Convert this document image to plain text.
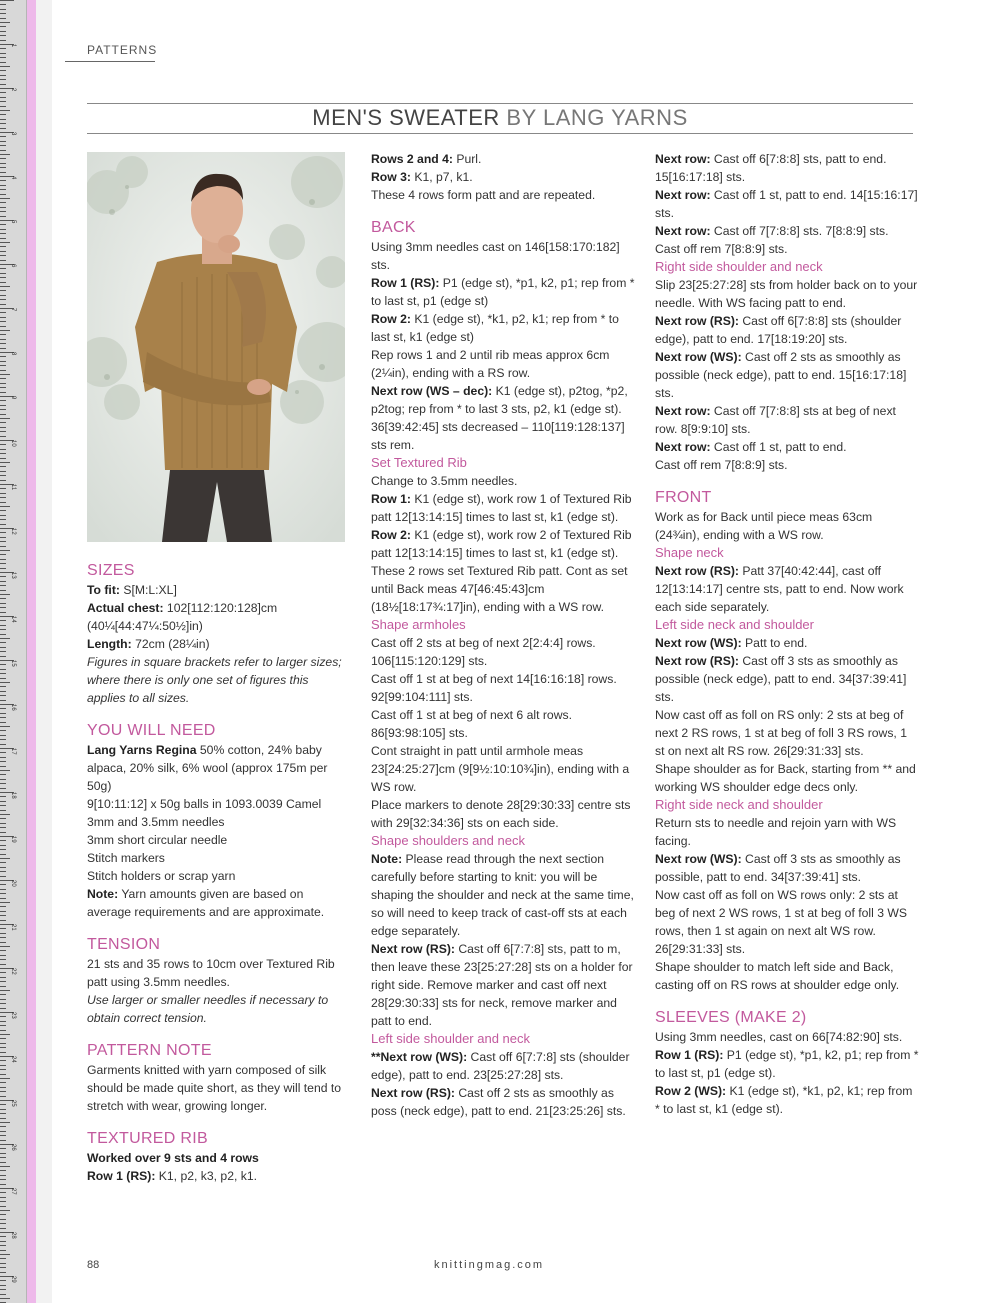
1
2
3
4
5
6
7
8
9
10
11
12
13
14
15
16
17
18
19
20
21
22
23
24
25
26
27
28
29
PATTERNS
MEN'S SWEATER BY LANG YARNS
SIZES
To fit: S[M:L:XL]
Actual chest: 102[112:120:128]cm (40¼[44:47¼:50½]in)
Length: 72cm (28¼in)
Figures in square brackets refer to larger sizes; where there is only one set of figures this applies to all sizes.
YOU WILL NEED
Lang Yarns Regina 50% cotton, 24% baby alpaca, 20% silk, 6% wool (approx 175m per 50g)
9[10:11:12] x 50g balls in 1093.0039 Camel
3mm and 3.5mm needles
3mm short circular needle
Stitch markers
Stitch holders or scrap yarn
Note: Yarn amounts given are based on average requirements and are approximate.
TENSION
21 sts and 35 rows to 10cm over Textured Rib patt using 3.5mm needles.
Use larger or smaller needles if necessary to obtain correct tension.
PATTERN NOTE
Garments knitted with yarn composed of silk should be made quite short, as they will tend to stretch with wear, growing longer.
TEXTURED RIB
Worked over 9 sts and 4 rows
Row 1 (RS): K1, p2, k3, p2, k1.
Rows 2 and 4: Purl.
Row 3: K1, p7, k1.
These 4 rows form patt and are repeated.
BACK
Using 3mm needles cast on 146[158:170:182] sts.
Row 1 (RS): P1 (edge st), *p1, k2, p1; rep from * to last st, p1 (edge st)
Row 2: K1 (edge st), *k1, p2, k1; rep from * to last st, k1 (edge st)
Rep rows 1 and 2 until rib meas approx 6cm (2¼in), ending with a RS row.
Next row (WS – dec): K1 (edge st), p2tog, *p2, p2tog; rep from * to last 3 sts, p2, k1 (edge st). 36[39:42:45] sts decreased – 110[119:128:137] sts rem.
Set Textured Rib
Change to 3.5mm needles.
Row 1: K1 (edge st), work row 1 of Textured Rib patt 12[13:14:15] times to last st, k1 (edge st).
Row 2: K1 (edge st), work row 2 of Textured Rib patt 12[13:14:15] times to last st, k1 (edge st).
These 2 rows set Textured Rib patt. Cont as set until Back meas 47[46:45:43]cm (18½[18:17¾:17]in), ending with a WS row.
Shape armholes
Cast off 2 sts at beg of next 2[2:4:4] rows. 106[115:120:129] sts.
Cast off 1 st at beg of next 14[16:16:18] rows. 92[99:104:111] sts.
Cast off 1 st at beg of next 6 alt rows. 86[93:98:105] sts.
Cont straight in patt until armhole meas 23[24:25:27]cm (9[9½:10:10¾]in), ending with a WS row.
Place markers to denote 28[29:30:33] centre sts with 29[32:34:36] sts on each side.
Shape shoulders and neck
Note: Please read through the next section carefully before starting to knit: you will be shaping the shoulder and neck at the same time, so will need to keep track of cast-off sts at each edge separately.
Next row (RS): Cast off 6[7:7:8] sts, patt to m, then leave these 23[25:27:28] sts on a holder for right side. Remove marker and cast off next 28[29:30:33] sts for neck, remove marker and patt to end.
Left side shoulder and neck
**Next row (WS): Cast off 6[7:7:8] sts (shoulder edge), patt to end. 23[25:27:28] sts.
Next row (RS): Cast off 2 sts as smoothly as poss (neck edge), patt to end. 21[23:25:26] sts.
Next row: Cast off 6[7:8:8] sts, patt to end. 15[16:17:18] sts.
Next row: Cast off 1 st, patt to end. 14[15:16:17] sts.
Next row: Cast off 7[7:8:8] sts. 7[8:8:9] sts.
Cast off rem 7[8:8:9] sts.
Right side shoulder and neck
Slip 23[25:27:28] sts from holder back on to your needle. With WS facing patt to end.
Next row (RS): Cast off 6[7:8:8] sts (shoulder edge), patt to end. 17[18:19:20] sts.
Next row (WS): Cast off 2 sts as smoothly as possible (neck edge), patt to end. 15[16:17:18] sts.
Next row: Cast off 7[7:8:8] sts at beg of next row. 8[9:9:10] sts.
Next row: Cast off 1 st, patt to end.
Cast off rem 7[8:8:9] sts.
FRONT
Work as for Back until piece meas 63cm (24¾in), ending with a WS row.
Shape neck
Next row (RS): Patt 37[40:42:44], cast off 12[13:14:17] centre sts, patt to end. Now work each side separately.
Left side neck and shoulder
Next row (WS): Patt to end.
Next row (RS): Cast off 3 sts as smoothly as possible (neck edge), patt to end. 34[37:39:41] sts.
Now cast off as foll on RS only: 2 sts at beg of next 2 RS rows, 1 st at beg of foll 3 RS rows, 1 st on next alt RS row. 26[29:31:33] sts.
Shape shoulder as for Back, starting from ** and working WS shoulder edge decs only.
Right side neck and shoulder
Return sts to needle and rejoin yarn with WS facing.
Next row (WS): Cast off 3 sts as smoothly as possible, patt to end. 34[37:39:41] sts.
Now cast off as foll on WS rows only: 2 sts at beg of next 2 WS rows, 1 st at beg of foll 3 WS rows, then 1 st again on next alt WS row. 26[29:31:33] sts.
Shape shoulder to match left side and Back, casting off on RS rows at shoulder edge only.
SLEEVES (MAKE 2)
Using 3mm needles, cast on 66[74:82:90] sts.
Row 1 (RS): P1 (edge st), *p1, k2, p1; rep from * to last st, p1 (edge st).
Row 2 (WS): K1 (edge st), *k1, p2, k1; rep from * to last st, k1 (edge st).
88	knittingmag.com
